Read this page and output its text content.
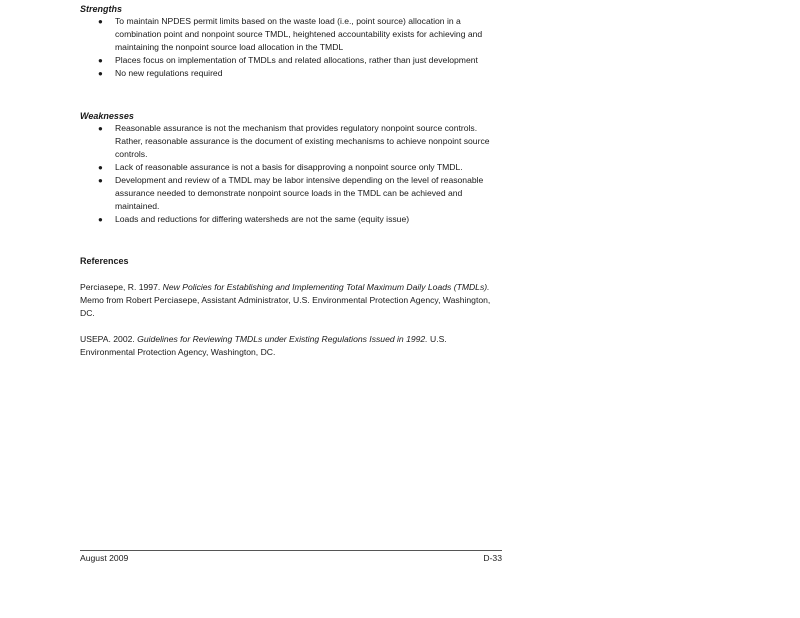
Strengths

●	To maintain NPDES permit limits based on the waste load (i.e., point source) allocation in a combination point and nonpoint source TMDL, heightened accountability exists for achieving and maintaining the nonpoint source load allocation in the TMDL
●	Places focus on implementation of TMDLs and related allocations, rather than just development
●	No new regulations required

Weaknesses

●	Reasonable assurance is not the mechanism that provides regulatory nonpoint source controls. Rather, reasonable assurance is the document of existing mechanisms to achieve nonpoint source controls.
●	Lack of reasonable assurance is not a basis for disapproving a nonpoint source only TMDL.
●	Development and review of a TMDL may be labor intensive depending on the level of reasonable assurance needed to demonstrate nonpoint source loads in the TMDL can be achieved and maintained.
●	Loads and reductions for differing watersheds are not the same (equity issue)

References

Perciasepe, R. 1997. New Policies for Establishing and Implementing Total Maximum Daily Loads (TMDLs). Memo from Robert Perciasepe, Assistant Administrator, U.S. Environmental Protection Agency, Washington, DC.

USEPA. 2002. Guidelines for Reviewing TMDLs under Existing Regulations Issued in 1992. U.S. Environmental Protection Agency, Washington, DC.

August 2009	D-33
